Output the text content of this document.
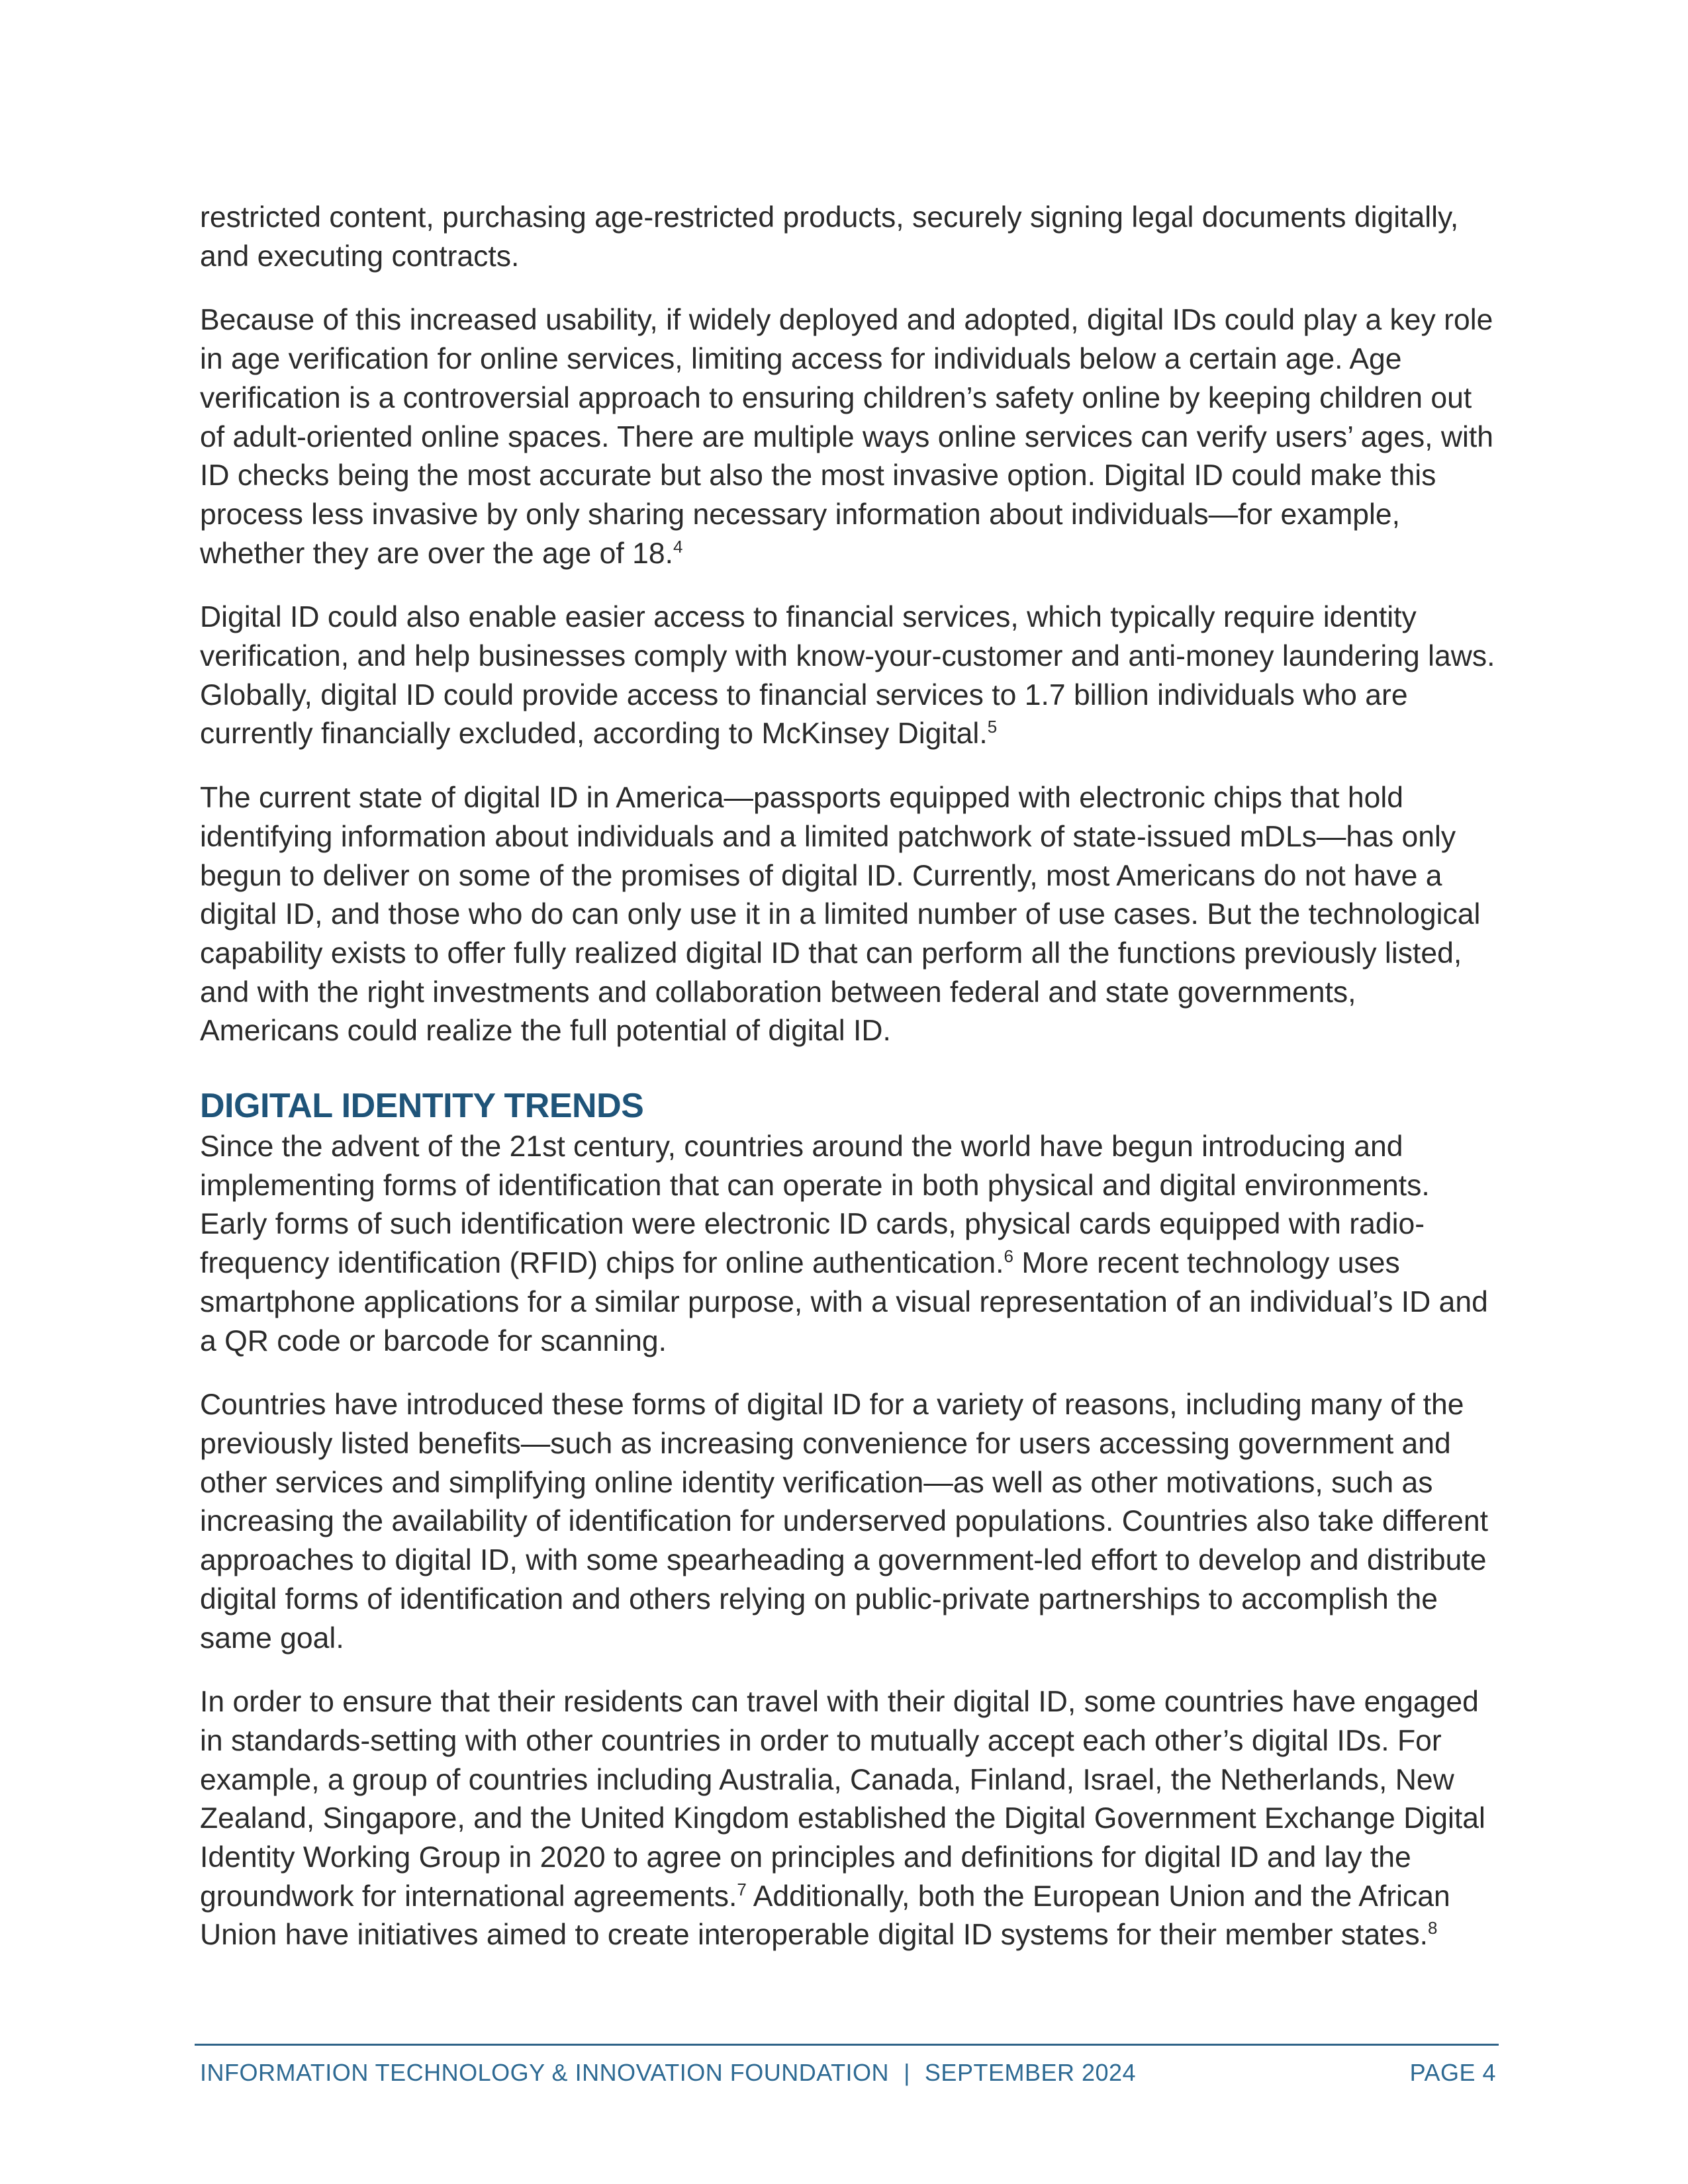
restricted content, purchasing age-restricted products, securely signing legal documents digitally, and executing contracts.

Because of this increased usability, if widely deployed and adopted, digital IDs could play a key role in age verification for online services, limiting access for individuals below a certain age. Age verification is a controversial approach to ensuring children’s safety online by keeping children out of adult-oriented online spaces. There are multiple ways online services can verify users’ ages, with ID checks being the most accurate but also the most invasive option. Digital ID could make this process less invasive by only sharing necessary information about individuals—for example, whether they are over the age of 18.$^4$

Digital ID could also enable easier access to financial services, which typically require identity verification, and help businesses comply with know-your-customer and anti-money laundering laws. Globally, digital ID could provide access to financial services to 1.7 billion individuals who are currently financially excluded, according to McKinsey Digital.$^5$

The current state of digital ID in America—passports equipped with electronic chips that hold identifying information about individuals and a limited patchwork of state-issued mDLs—has only begun to deliver on some of the promises of digital ID. Currently, most Americans do not have a digital ID, and those who do can only use it in a limited number of use cases. But the technological capability exists to offer fully realized digital ID that can perform all the functions previously listed, and with the right investments and collaboration between federal and state governments, Americans could realize the full potential of digital ID.

DIGITAL IDENTITY TRENDS

Since the advent of the 21st century, countries around the world have begun introducing and implementing forms of identification that can operate in both physical and digital environments. Early forms of such identification were electronic ID cards, physical cards equipped with radio-frequency identification (RFID) chips for online authentication.$^6$ More recent technology uses smartphone applications for a similar purpose, with a visual representation of an individual’s ID and a QR code or barcode for scanning.

Countries have introduced these forms of digital ID for a variety of reasons, including many of the previously listed benefits—such as increasing convenience for users accessing government and other services and simplifying online identity verification—as well as other motivations, such as increasing the availability of identification for underserved populations. Countries also take different approaches to digital ID, with some spearheading a government-led effort to develop and distribute digital forms of identification and others relying on public-private partnerships to accomplish the same goal.

In order to ensure that their residents can travel with their digital ID, some countries have engaged in standards-setting with other countries in order to mutually accept each other’s digital IDs. For example, a group of countries including Australia, Canada, Finland, Israel, the Netherlands, New Zealand, Singapore, and the United Kingdom established the Digital Government Exchange Digital Identity Working Group in 2020 to agree on principles and definitions for digital ID and lay the groundwork for international agreements.$^7$ Additionally, both the European Union and the African Union have initiatives aimed to create interoperable digital ID systems for their member states.$^8$

INFORMATION TECHNOLOGY & INNOVATION FOUNDATION | SEPTEMBER 2024	PAGE 4
